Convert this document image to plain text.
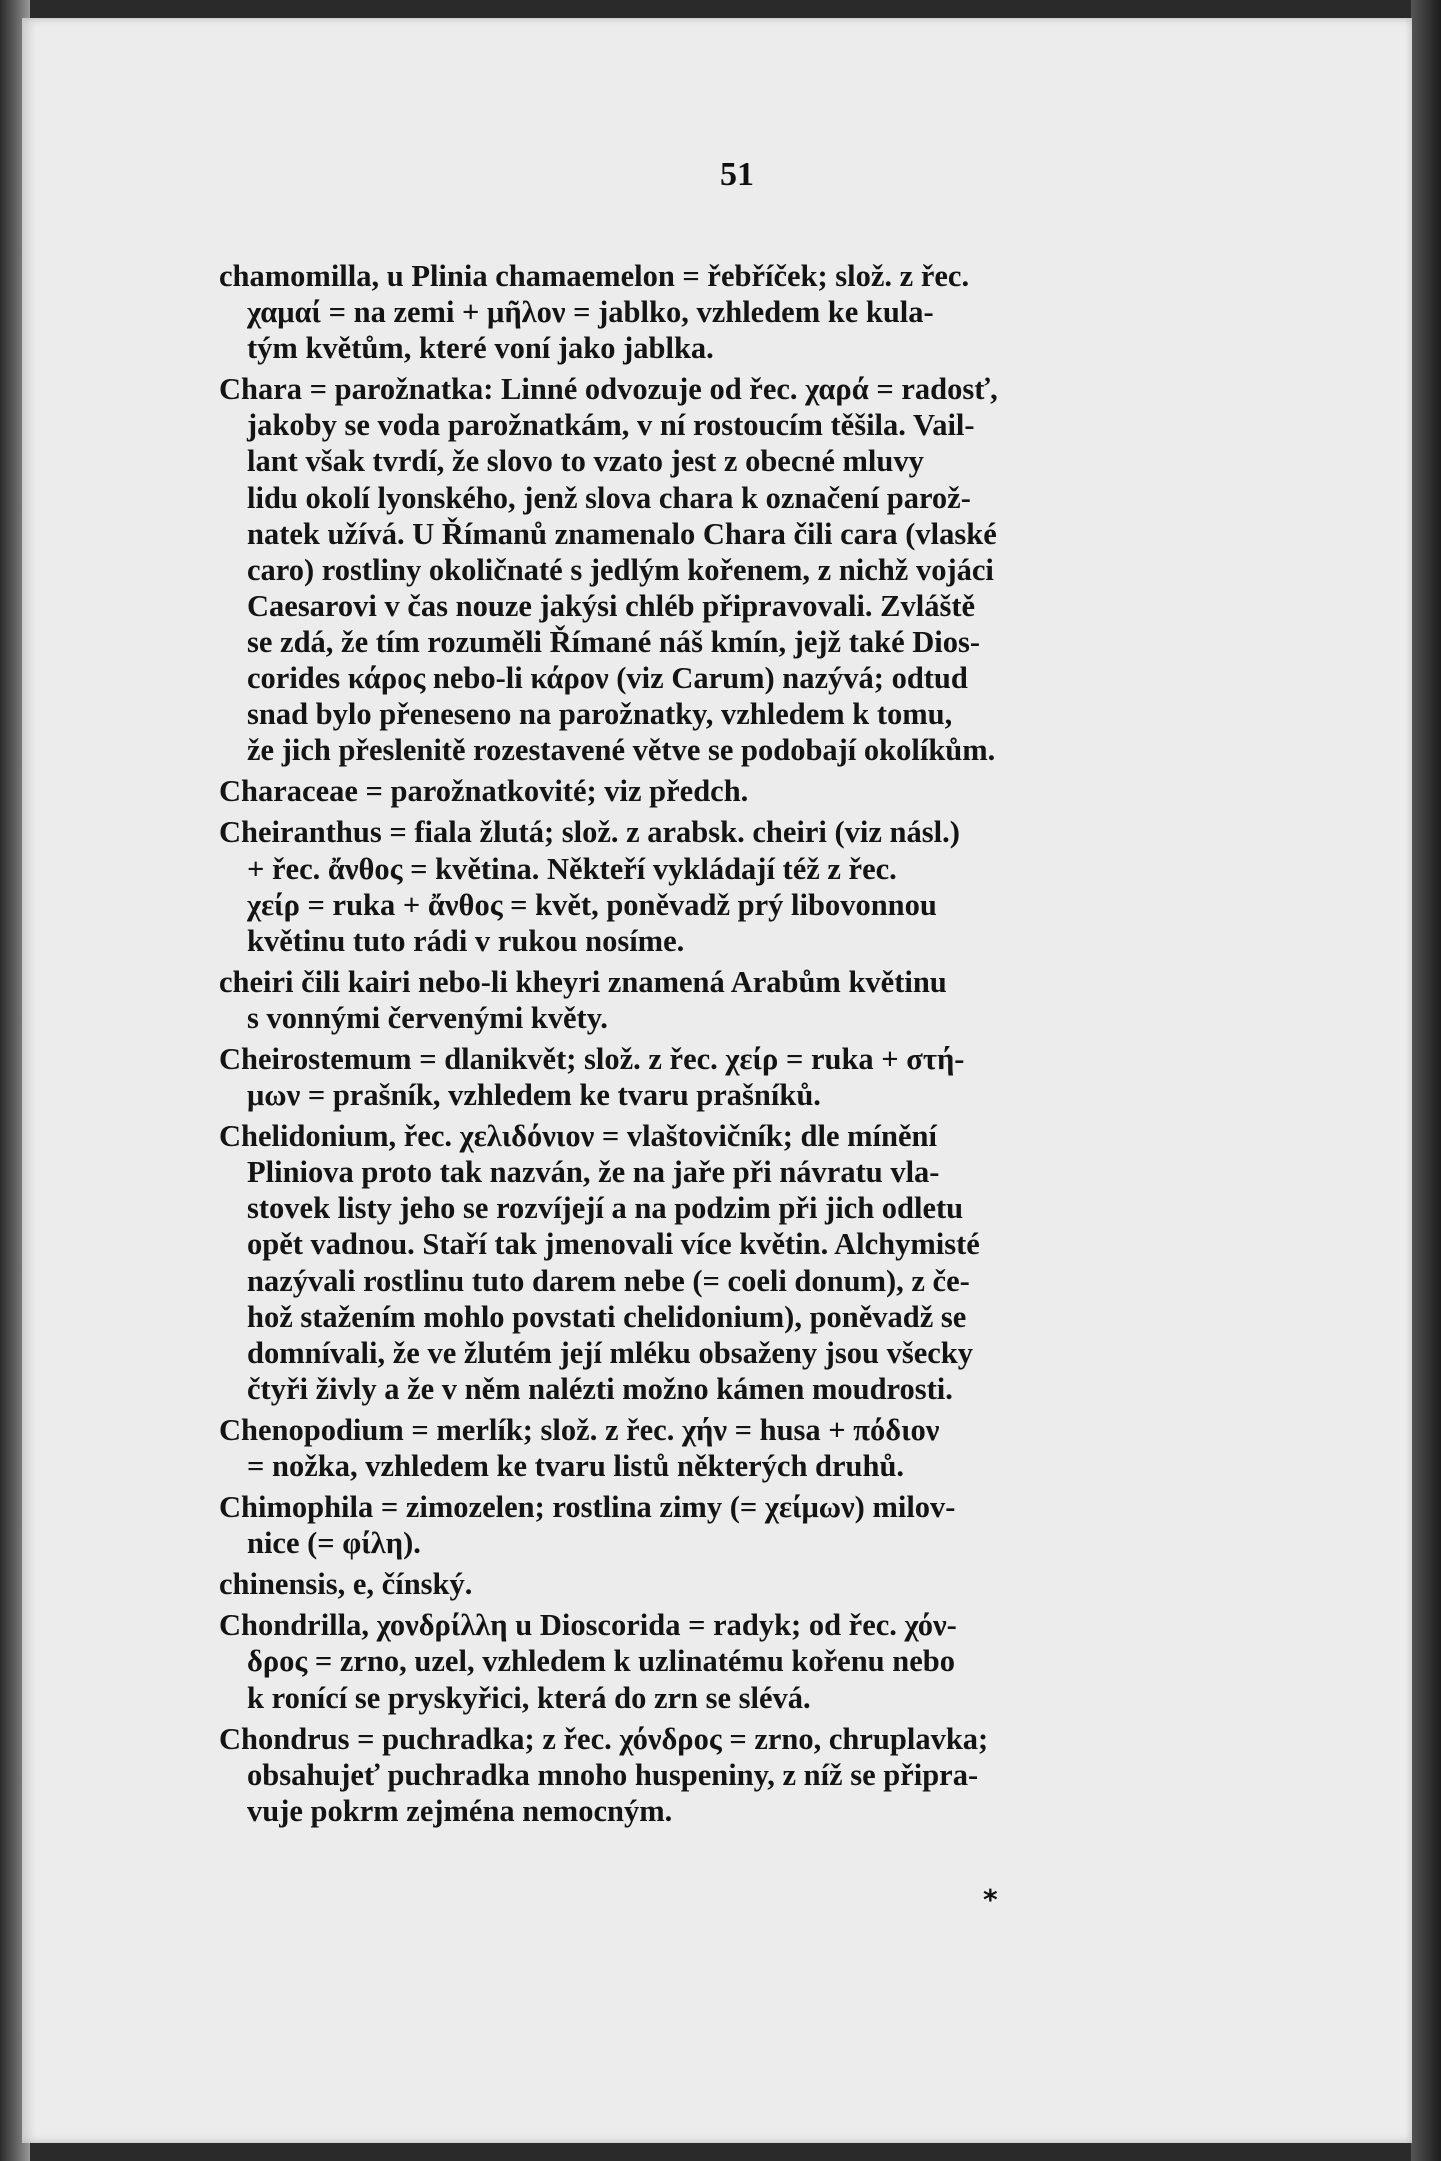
51
chamomilla, u Plinia chamaemelon = řebříček; slož. z řec.
χαμαί = na zemi + μῆλον = jablko, vzhledem ke kula-
tým květům, které voní jako jablka.
Chara = parožnatka: Linné odvozuje od řec. χαρά = radosť,
jakoby se voda parožnatkám, v ní rostoucím těšila. Vail-
lant však tvrdí, že slovo to vzato jest z obecné mluvy
lidu okolí lyonského, jenž slova chara k označení parož-
natek užívá. U Římanů znamenalo Chara čili cara (vlaské
caro) rostliny okoličnaté s jedlým kořenem, z nichž vojáci
Caesarovi v čas nouze jakýsi chléb připravovali. Zvláště
se zdá, že tím rozuměli Římané náš kmín, jejž také Dios-
corides κάρος nebo-li κάρον (viz Carum) nazývá; odtud
snad bylo přeneseno na parožnatky, vzhledem k tomu,
že jich přeslenitě rozestavené větve se podobají okolíkům.
Characeae = parožnatkovité; viz předch.
Cheiranthus = fiala žlutá; slož. z arabsk. cheiri (viz násl.)
+ řec. ἄνθος = květina. Někteří vykládají též z řec.
χείρ = ruka + ἄνθος = květ, poněvadž prý libovonnou
květinu tuto rádi v rukou nosíme.
cheiri čili kairi nebo-li kheyri znamená Arabům květinu
s vonnými červenými květy.
Cheirostemum = dlanikvět; slož. z řec. χείρ = ruka + στή-
μων = prašník, vzhledem ke tvaru prašníků.
Chelidonium, řec. χελιδόνιον = vlaštovičník; dle mínění
Pliniova proto tak nazván, že na jaře při návratu vla-
stovek listy jeho se rozvíjejí a na podzim při jich odletu
opět vadnou. Staří tak jmenovali více květin. Alchymisté
nazývali rostlinu tuto darem nebe (= coeli donum), z če-
hož stažením mohlo povstati chelidonium), poněvadž se
domnívali, že ve žlutém její mléku obsaženy jsou všecky
čtyři živly a že v něm nalézti možno kámen moudrosti.
Chenopodium = merlík; slož. z řec. χήν = husa + πόδιον
= nožka, vzhledem ke tvaru listů některých druhů.
Chimophila = zimozelen; rostlina zimy (= χείμων) milov-
nice (= φίλη).
chinensis, e, čínský.
Chondrilla, χονδρίλλη u Dioscorida = radyk; od řec. χόν-
δρος = zrno, uzel, vzhledem k uzlinatému kořenu nebo
k ronící se pryskyřici, která do zrn se slévá.
Chondrus = puchradka; z řec. χόνδρος = zrno, chruplavka;
obsahujeť puchradka mnoho huspeniny, z níž se připra-
vuje pokrm zejména nemocným.
*
